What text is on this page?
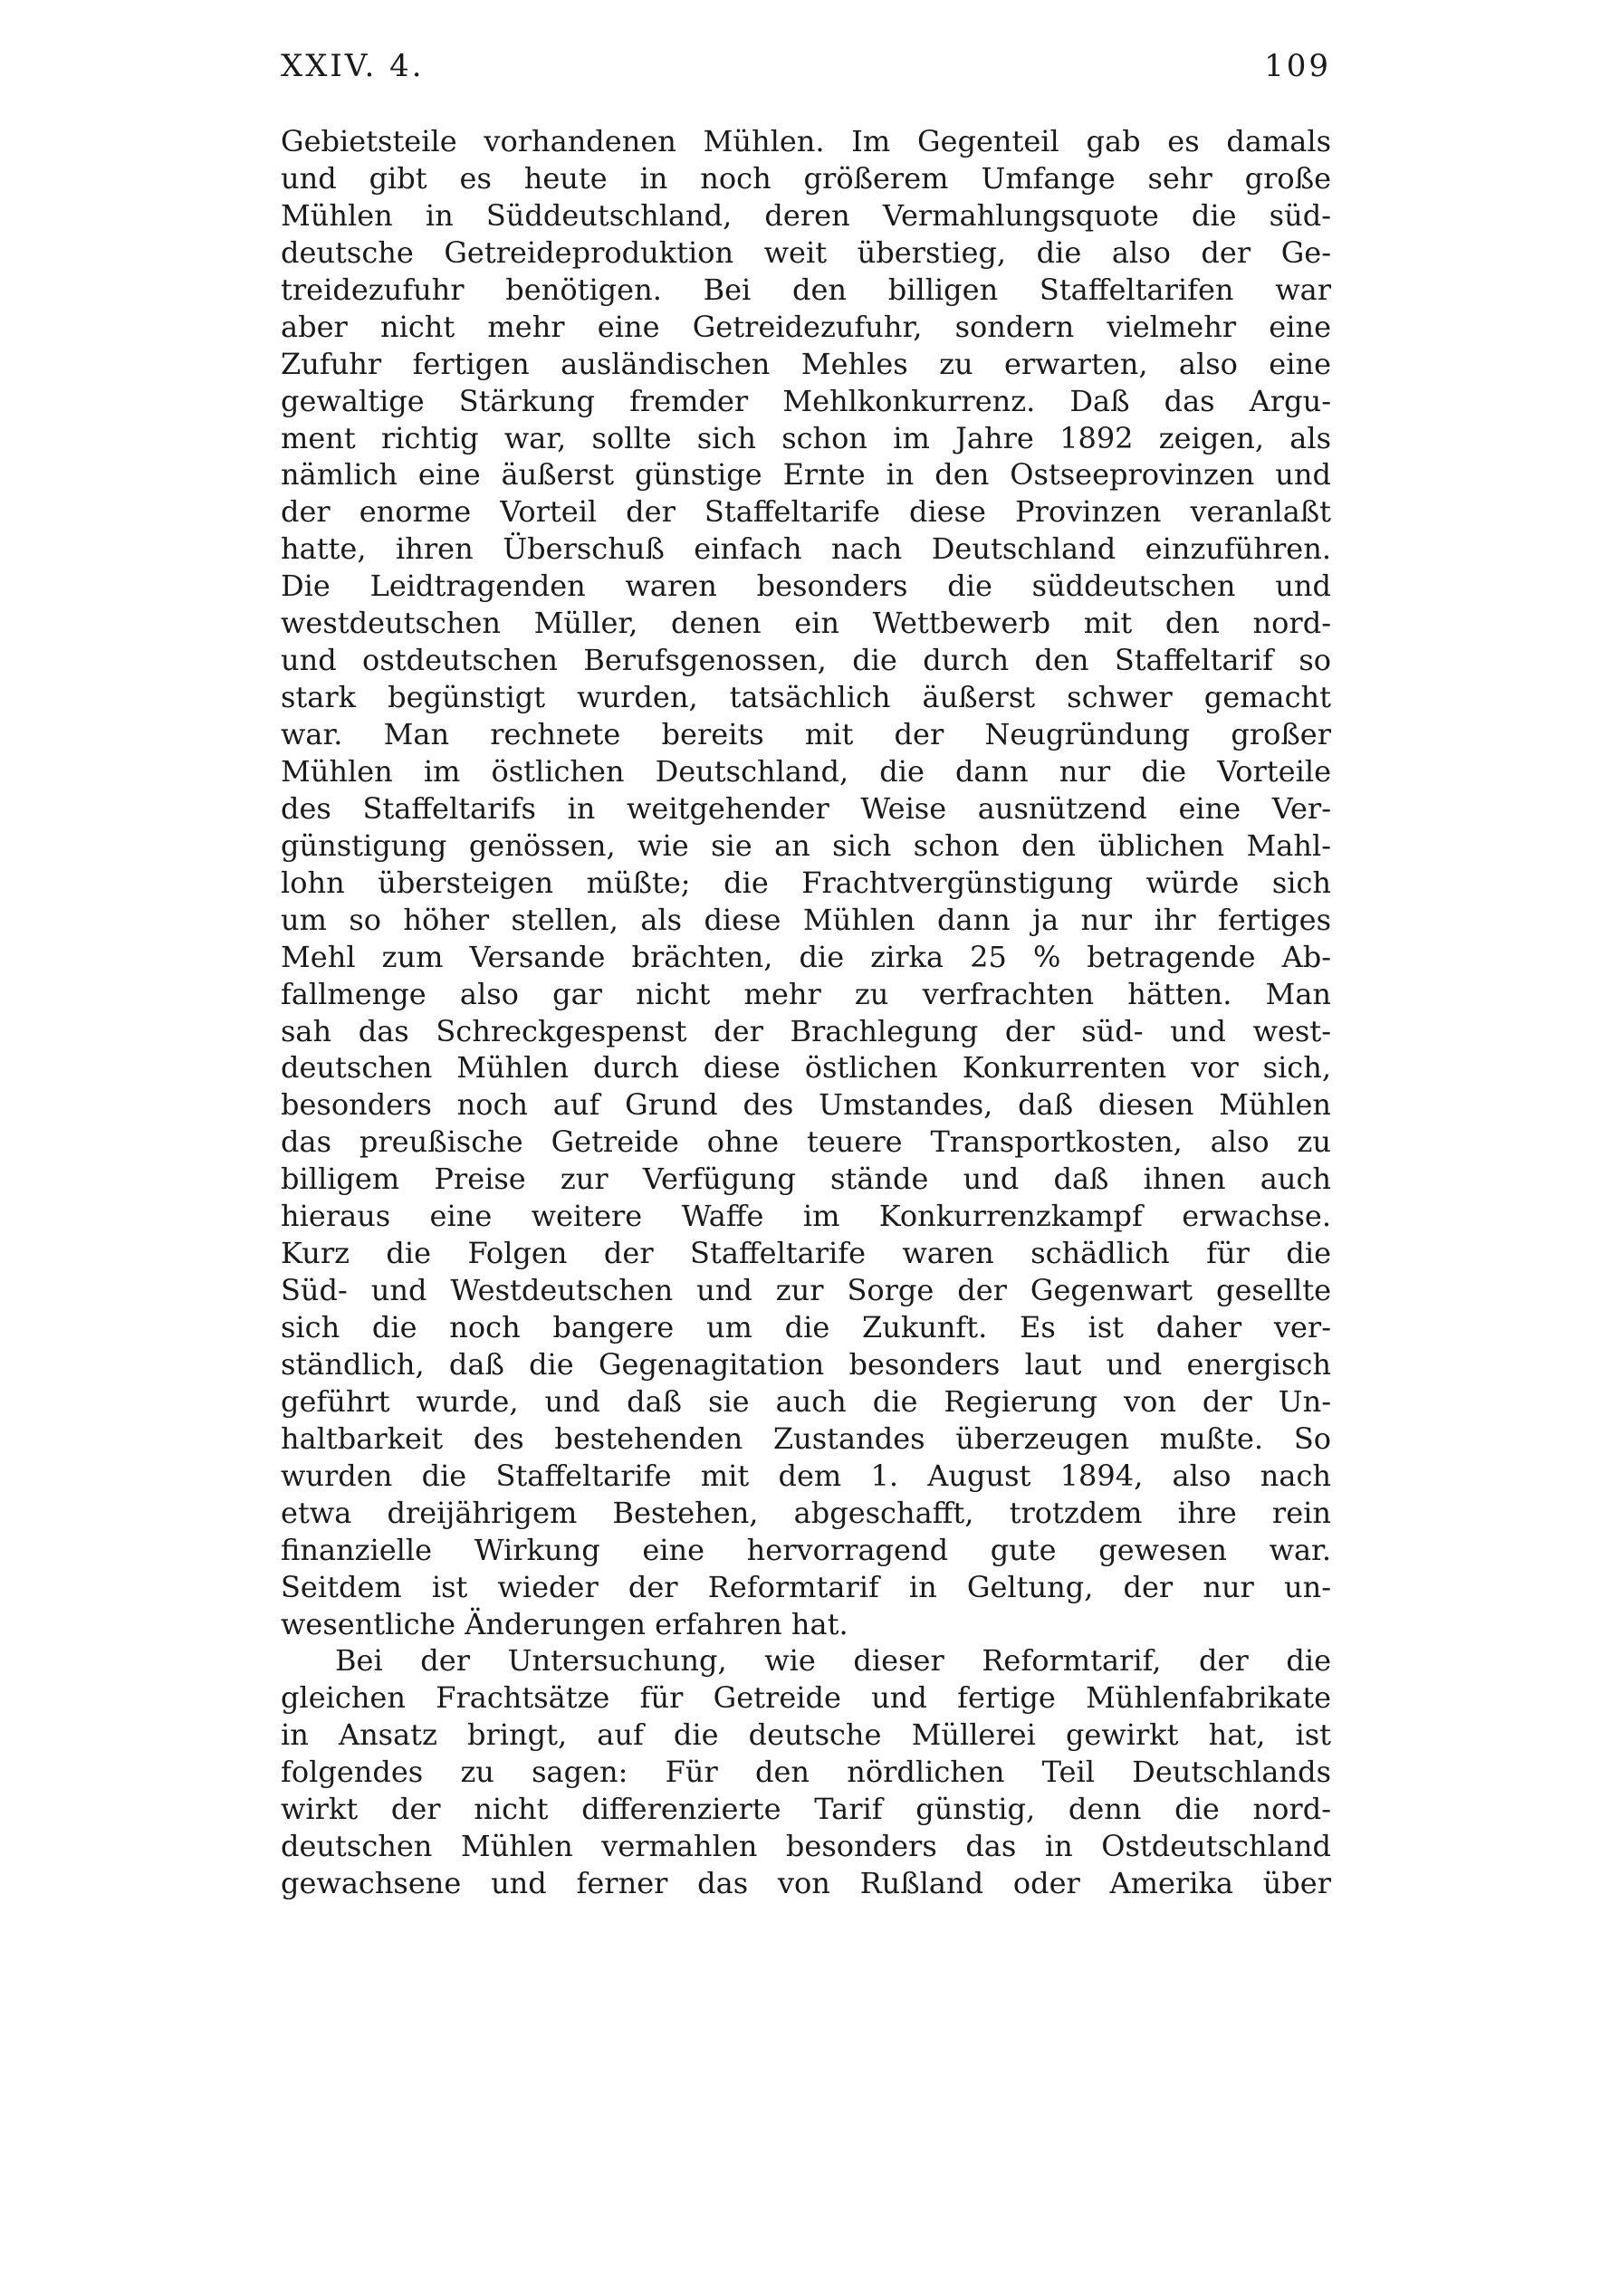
XXIV. 4.	109
Gebietsteile vorhandenen Mühlen. Im Gegenteil gab es damals
und gibt es heute in noch größerem Umfange sehr große
Mühlen in Süddeutschland, deren Vermahlungsquote die süd-
deutsche Getreideproduktion weit überstieg, die also der Ge-
treidezufuhr benötigen. Bei den billigen Staffeltarifen war
aber nicht mehr eine Getreidezufuhr, sondern vielmehr eine
Zufuhr fertigen ausländischen Mehles zu erwarten, also eine
gewaltige Stärkung fremder Mehlkonkurrenz. Daß das Argu-
ment richtig war, sollte sich schon im Jahre 1892 zeigen, als
nämlich eine äußerst günstige Ernte in den Ostseeprovinzen und
der enorme Vorteil der Staffeltarife diese Provinzen veranlaßt
hatte, ihren Überschuß einfach nach Deutschland einzuführen.
Die Leidtragenden waren besonders die süddeutschen und
westdeutschen Müller, denen ein Wettbewerb mit den nord-
und ostdeutschen Berufsgenossen, die durch den Staffeltarif so
stark begünstigt wurden, tatsächlich äußerst schwer gemacht
war. Man rechnete bereits mit der Neugründung großer
Mühlen im östlichen Deutschland, die dann nur die Vorteile
des Staffeltarifs in weitgehender Weise ausnützend eine Ver-
günstigung genössen, wie sie an sich schon den üblichen Mahl-
lohn übersteigen müßte; die Frachtvergünstigung würde sich
um so höher stellen, als diese Mühlen dann ja nur ihr fertiges
Mehl zum Versande brächten, die zirka 25 % betragende Ab-
fallmenge also gar nicht mehr zu verfrachten hätten. Man
sah das Schreckgespenst der Brachlegung der süd- und west-
deutschen Mühlen durch diese östlichen Konkurrenten vor sich,
besonders noch auf Grund des Umstandes, daß diesen Mühlen
das preußische Getreide ohne teuere Transportkosten, also zu
billigem Preise zur Verfügung stände und daß ihnen auch
hieraus eine weitere Waffe im Konkurrenzkampf erwachse.
Kurz die Folgen der Staffeltarife waren schädlich für die
Süd- und Westdeutschen und zur Sorge der Gegenwart gesellte
sich die noch bangere um die Zukunft. Es ist daher ver-
ständlich, daß die Gegenagitation besonders laut und energisch
geführt wurde, und daß sie auch die Regierung von der Un-
haltbarkeit des bestehenden Zustandes überzeugen mußte. So
wurden die Staffeltarife mit dem 1. August 1894, also nach
etwa dreijährigem Bestehen, abgeschafft, trotzdem ihre rein
finanzielle Wirkung eine hervorragend gute gewesen war.
Seitdem ist wieder der Reformtarif in Geltung, der nur un-
wesentliche Änderungen erfahren hat.
Bei der Untersuchung, wie dieser Reformtarif, der die
gleichen Frachtsätze für Getreide und fertige Mühlenfabrikate
in Ansatz bringt, auf die deutsche Müllerei gewirkt hat, ist
folgendes zu sagen: Für den nördlichen Teil Deutschlands
wirkt der nicht differenzierte Tarif günstig, denn die nord-
deutschen Mühlen vermahlen besonders das in Ostdeutschland
gewachsene und ferner das von Rußland oder Amerika über
